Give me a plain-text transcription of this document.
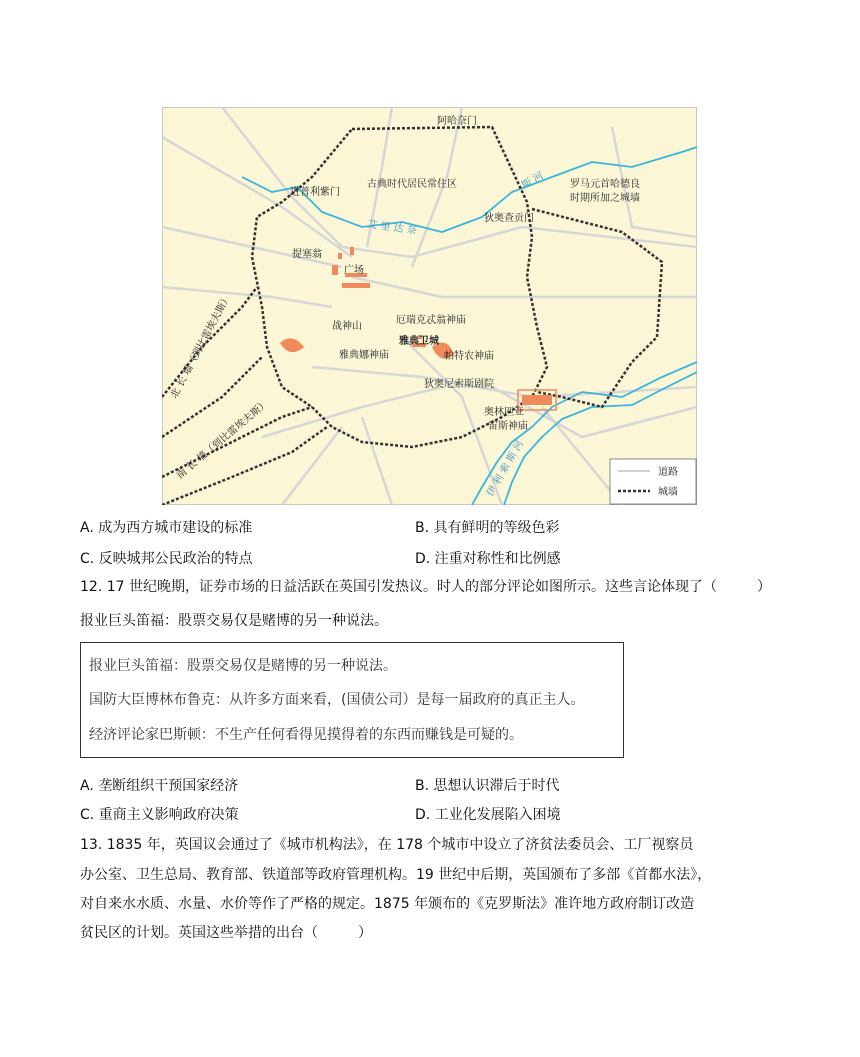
阿哈奈门
古典时代居民常住区
进普利紫门
罗马元首哈德良
时期所加之城墙
艾 里 达 奈
斯 河
狄奥查贡门
提塞翁
广场
战神山
厄瑞克忒翁神庙
雅典卫城
雅典娜神庙	帕特农神庙
狄奥尼索斯剧院
奥林匹亚
宙斯神庙
伊 利 索 斯 河
北 长 墙（到比雷埃夫斯）
南 长 墙（到比雷埃夫斯）	道路
城墙
A. 成为西方城市建设的标准	B. 具有鲜明的等级色彩
C. 反映城邦公民政治的特点	D. 注重对称性和比例感
12. 17 世纪晚期，证券市场的日益活跃在英国引发热议。时人的部分评论如图所示。这些言论体现了（	）
报业巨头笛福：股票交易仅是赌博的另一种说法。
报业巨头笛福：股票交易仅是赌博的另一种说法。
国防大臣博林布鲁克：从许多方面来看，(国债公司）是每一届政府的真正主人。
经济评论家巴斯顿：不生产任何看得见摸得着的东西而赚钱是可疑的。
A. 垄断组织干预国家经济	B. 思想认识滞后于时代
C. 重商主义影响政府决策	D. 工业化发展陷入困境
13. 1835 年，英国议会通过了《城市机构法》，在 178 个城市中设立了济贫法委员会、工厂视察员
办公室、卫生总局、教育部、铁道部等政府管理机构。19 世纪中后期，英国颁布了多部《首都水法》，
对自来水水质、水量、水价等作了严格的规定。1875 年颁布的《克罗斯法》准许地方政府制订改造
贫民区的计划。英国这些举措的出台（	）
